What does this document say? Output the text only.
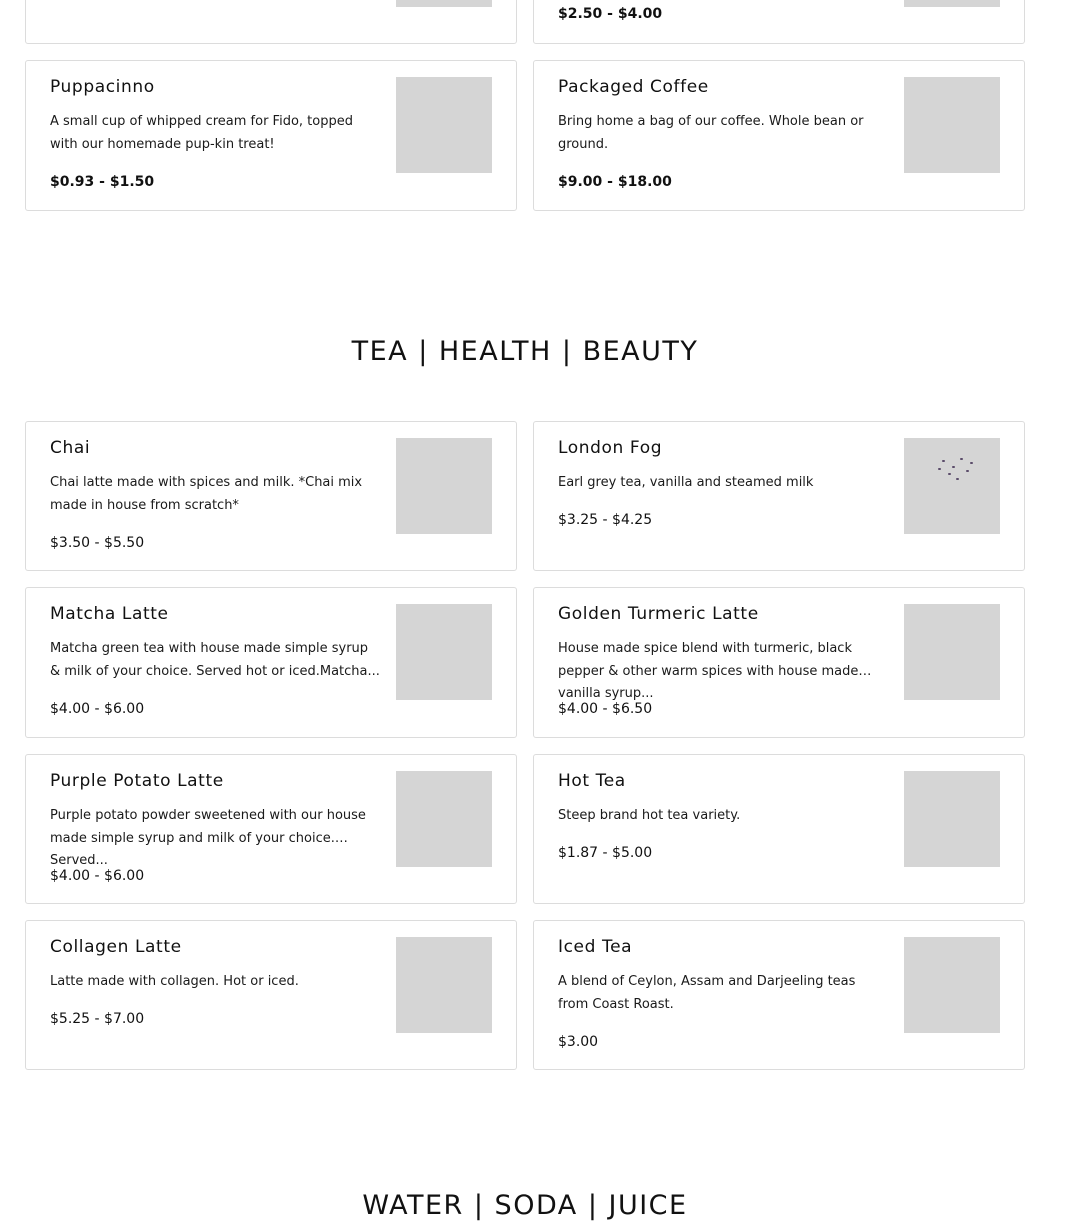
$2.50 - $4.00
Puppacinno
A small cup of whipped cream for Fido, topped with our homemade pup-kin treat!
$0.93 - $1.50
Packaged Coffee
Bring home a bag of our coffee. Whole bean or ground.
$9.00 - $18.00
TEA | HEALTH | BEAUTY
Chai
Chai latte made with spices and milk. *Chai mix made in house from scratch*
$3.50 - $5.50
London Fog
Earl grey tea, vanilla and steamed milk
$3.25 - $4.25
Matcha Latte
Matcha green tea with house made simple syrup & milk of your choice. Served hot or iced.Matcha...
$4.00 - $6.00
Golden Turmeric Latte
House made spice blend with turmeric, black pepper & other warm spices with house made vanilla syrup...
$4.00 - $6.50
Purple Potato Latte
Purple potato powder sweetened with our house made simple syrup and milk of your choice. Served...
$4.00 - $6.00
Hot Tea
Steep brand hot tea variety.
$1.87 - $5.00
Collagen Latte
Latte made with collagen. Hot or iced.
$5.25 - $7.00
Iced Tea
A blend of Ceylon, Assam and Darjeeling teas from Coast Roast.
$3.00
WATER | SODA | JUICE
